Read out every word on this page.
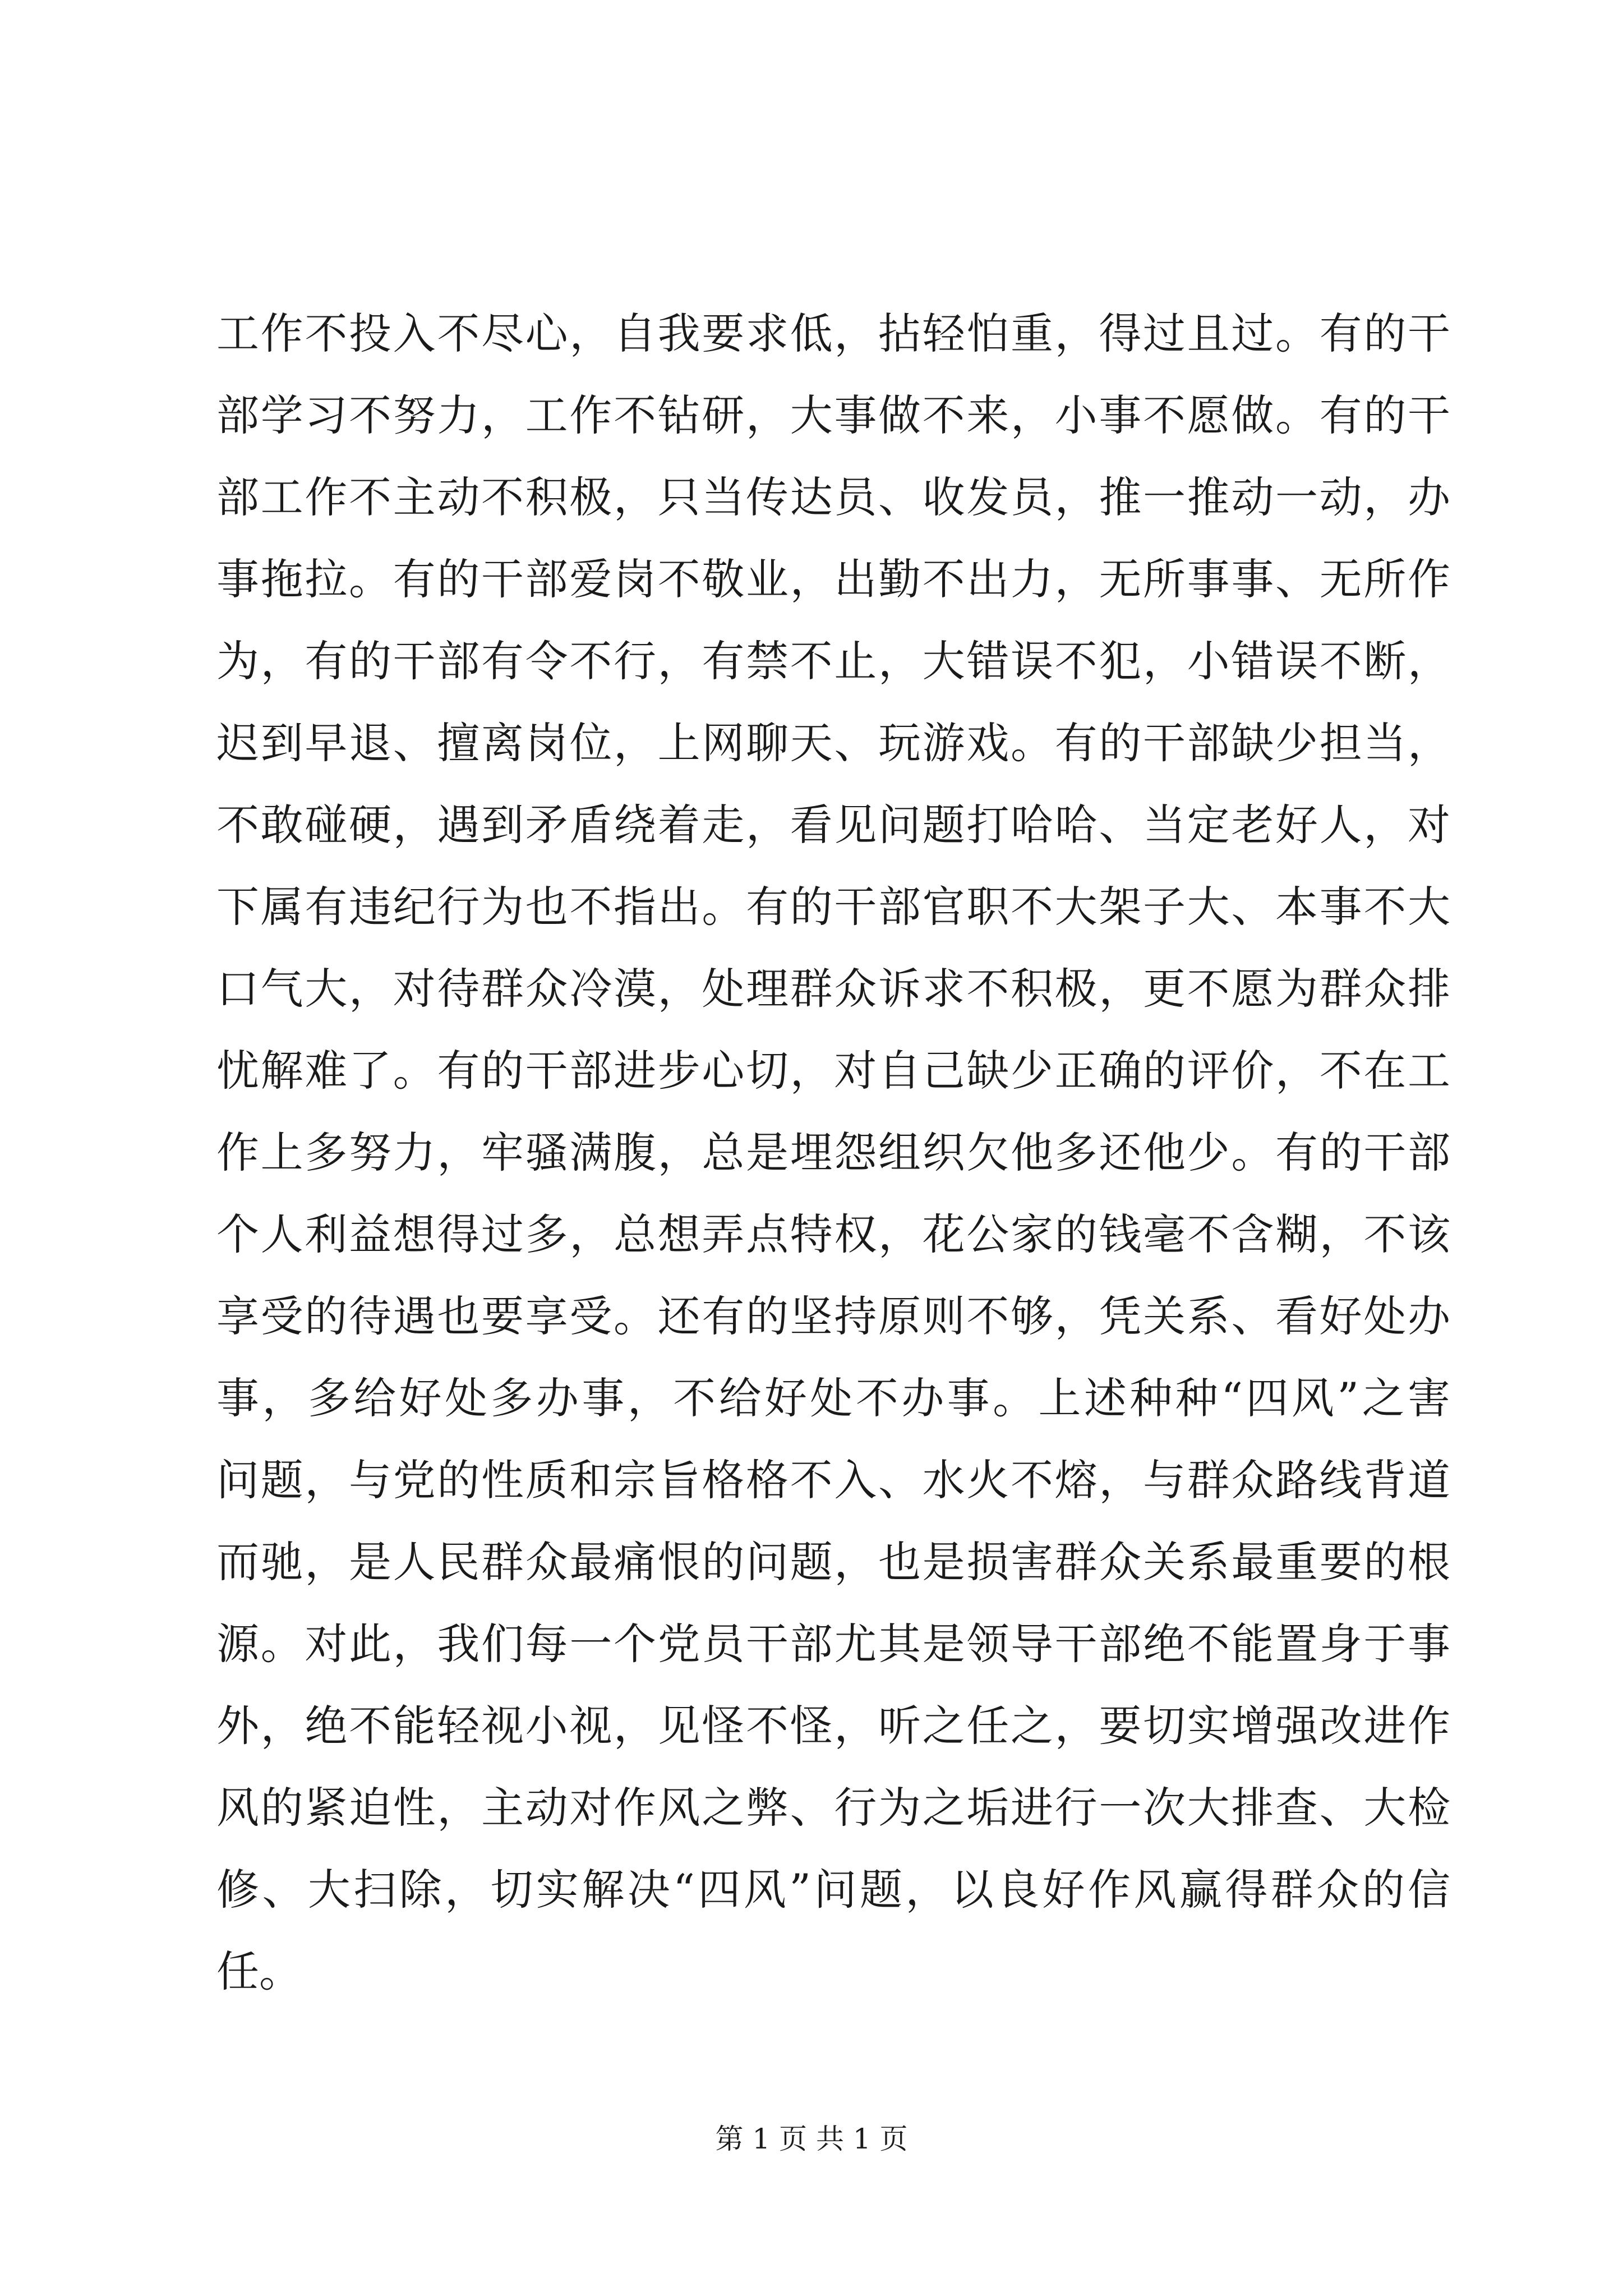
工作不投入不尽心，自我要求低，拈轻怕重，得过且过。有的干
部学习不努力，工作不钻研，大事做不来，小事不愿做。有的干
部工作不主动不积极，只当传达员、收发员，推一推动一动，办
事拖拉。有的干部爱岗不敬业，出勤不出力，无所事事、无所作
为，有的干部有令不行，有禁不止，大错误不犯，小错误不断，
迟到早退、擅离岗位，上网聊天、玩游戏。有的干部缺少担当，
不敢碰硬，遇到矛盾绕着走，看见问题打哈哈、当定老好人，对
下属有违纪行为也不指出。有的干部官职不大架子大、本事不大
口气大，对待群众冷漠，处理群众诉求不积极，更不愿为群众排
忧解难了。有的干部进步心切，对自己缺少正确的评价，不在工
作上多努力，牢骚满腹，总是埋怨组织欠他多还他少。有的干部
个人利益想得过多，总想弄点特权，花公家的钱毫不含糊，不该
享受的待遇也要享受。还有的坚持原则不够，凭关系、看好处办
事，多给好处多办事，不给好处不办事。上述种种“四风”之害
问题，与党的性质和宗旨格格不入、水火不熔，与群众路线背道
而驰，是人民群众最痛恨的问题，也是损害群众关系最重要的根
源。对此，我们每一个党员干部尤其是领导干部绝不能置身于事
外，绝不能轻视小视，见怪不怪，听之任之，要切实增强改进作
风的紧迫性，主动对作风之弊、行为之垢进行一次大排查、大检
修、大扫除，切实解决“四风”问题，以良好作风赢得群众的信
任。
第 1 页 共 1 页
